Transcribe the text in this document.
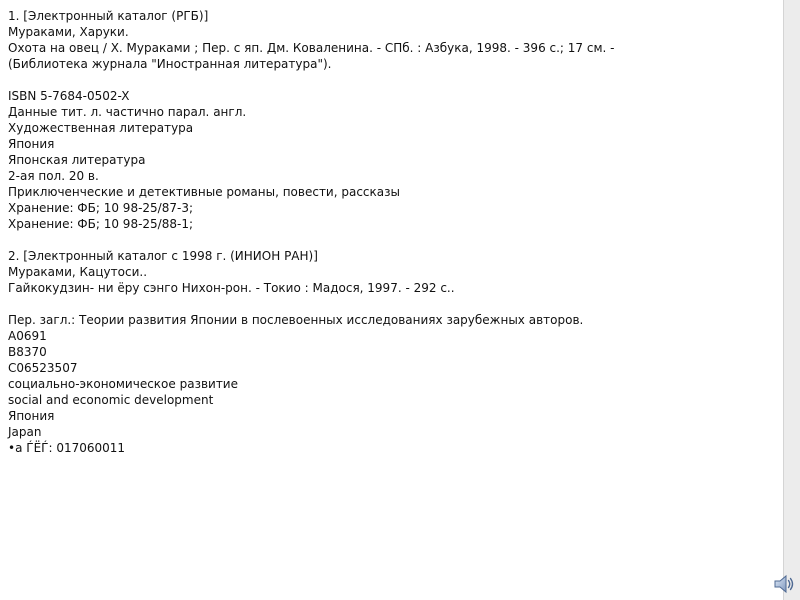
1. [Электронный каталог (РГБ)]
Мураками, Харуки.
Охота на овец / Х. Мураками ; Пер. с яп. Дм. Коваленина. - СПб. : Азбука, 1998. - 396 с.; 17 см. -
(Библиотека журнала "Иностранная литература").
ISBN 5-7684-0502-X
Данные тит. л. частично парал. англ.
Художественная литература
Япония
Японская литература
2-ая пол. 20 в.
Приключенческие и детективные романы, повести, рассказы
Хранение: ФБ; 10 98-25/87-3;
Хранение: ФБ; 10 98-25/88-1;
2. [Электронный каталог с 1998 г. (ИНИОН РАН)]
Мураками, Кацутоси..
Гайкокудзин- ни ёру сэнго Нихон-рон. - Токио : Мадося, 1997. - 292 с..
Пер. загл.: Теории развития Японии в послевоенных исследованиях зарубежных авторов.
A0691
B8370
C06523507
социально-экономическое развитие
social and economic development
Япония
Japan
•а ЃЁЃ: 017060011
